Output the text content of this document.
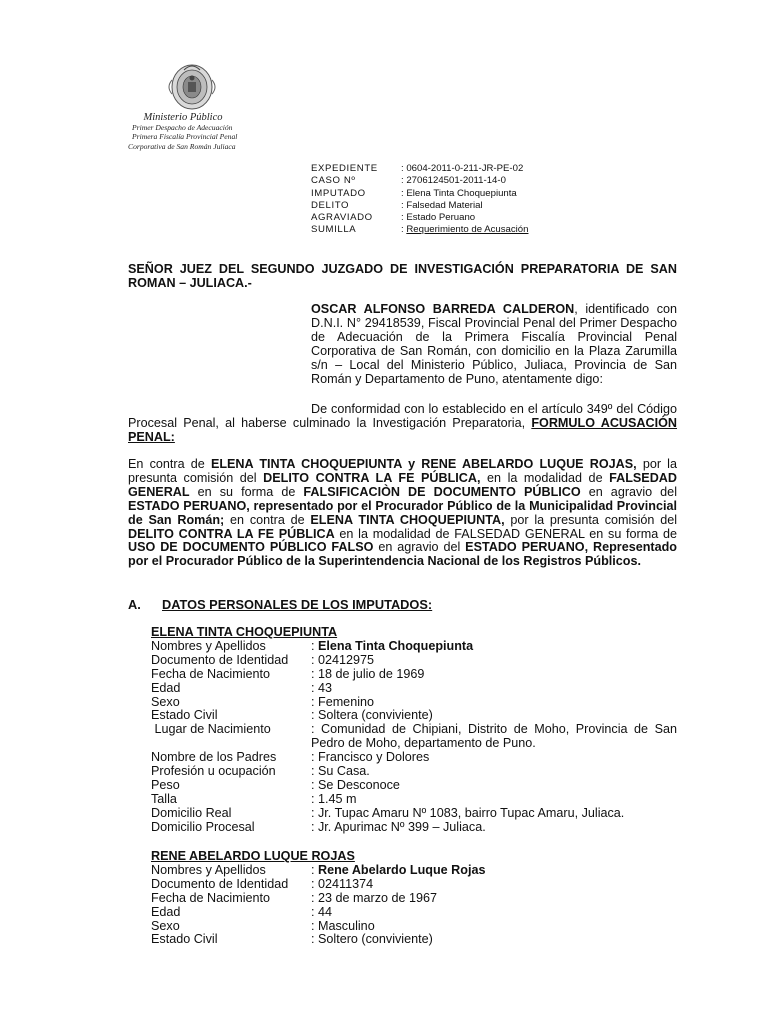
Ministerio Público
Primer Despacho de Adecuación
Primera Fiscalía Provincial Penal
Corporativa de San Román Juliaca
EXPEDIENTE	: 0604-2011-0-211-JR-PE-02
CASO Nº	: 2706124501-2011-14-0
IMPUTADO	: Elena Tinta Choquepiunta
DELITO	: Falsedad Material
AGRAVIADO	: Estado Peruano
SUMILLA	: Requerimiento de Acusación
SEÑOR JUEZ DEL SEGUNDO JUZGADO DE INVESTIGACIÓN PREPARATORIA DE SAN ROMAN – JULIACA.-
OSCAR ALFONSO BARREDA CALDERON, identificado con D.N.I. N° 29418539, Fiscal Provincial Penal del Primer Despacho de Adecuación de la Primera Fiscalía Provincial Penal Corporativa de San Román, con domicilio en la Plaza Zarumilla s/n – Local del Ministerio Público, Juliaca, Provincia de San Román y Departamento de Puno, atentamente digo:
De conformidad con lo establecido en el artículo 349º del Código Procesal Penal, al haberse culminado la Investigación Preparatoria, FORMULO ACUSACIÓN PENAL:
En contra de ELENA TINTA CHOQUEPIUNTA y RENE ABELARDO LUQUE ROJAS, por la presunta comisión del DELITO CONTRA LA FE PÚBLICA, en la modalidad de FALSEDAD GENERAL en su forma de FALSIFICACIÒN DE DOCUMENTO PÚBLICO en agravio del ESTADO PERUANO, representado por el Procurador Público de la Municipalidad Provincial de San Román; en contra de ELENA TINTA CHOQUEPIUNTA, por la presunta comisión del DELITO CONTRA LA FE PÚBLICA en la modalidad de FALSEDAD GENERAL en su forma de USO DE DOCUMENTO PÚBLICO FALSO en agravio del ESTADO PERUANO, Representado por el Procurador Público de la Superintendencia Nacional de los Registros Públicos.
A. DATOS PERSONALES DE LOS IMPUTADOS:
ELENA TINTA CHOQUEPIUNTA
Nombres y Apellidos	: Elena Tinta Choquepiunta
Documento de Identidad	: 02412975
Fecha de Nacimiento	: 18 de julio de 1969
Edad	: 43
Sexo	: Femenino
Estado Civil	: Soltera (conviviente)
Lugar de Nacimiento	: Comunidad de Chipiani, Distrito de Moho, Provincia de San Pedro de Moho, departamento de Puno.
Nombre de los Padres	: Francisco y Dolores
Profesión u ocupación	: Su Casa.
Peso	: Se Desconoce
Talla	: 1.45 m
Domicilio Real	: Jr. Tupac Amaru Nº 1083, bairro Tupac Amaru, Juliaca.
Domicilio Procesal	: Jr. Apurimac Nº 399 – Juliaca.
RENE ABELARDO LUQUE ROJAS
Nombres y Apellidos	: Rene Abelardo Luque Rojas
Documento de Identidad	: 02411374
Fecha de Nacimiento	: 23 de marzo de 1967
Edad	: 44
Sexo	: Masculino
Estado Civil	: Soltero (conviviente)
